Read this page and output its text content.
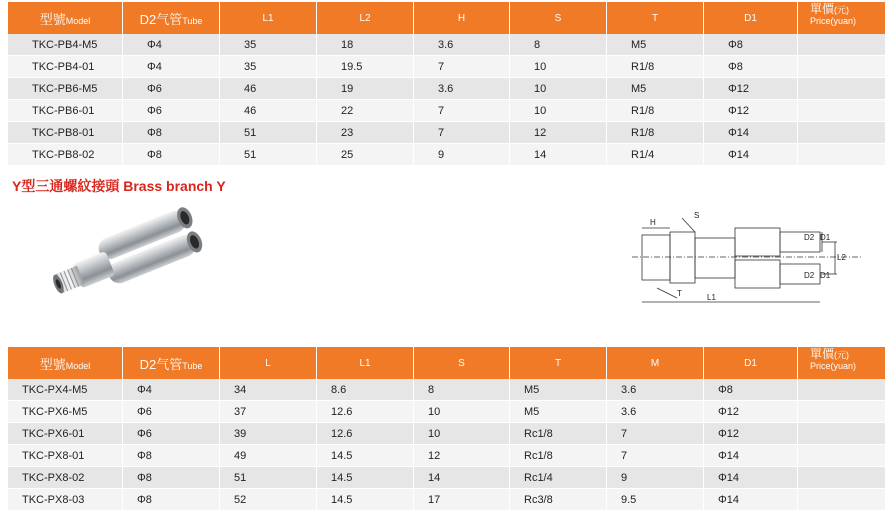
型號Model	D2气管Tube	L1	L2	H	S	T	D1	單價(元)
Price(yuan)
TKC-PB4-M5	Φ4	35	18	3.6	8	M5	Φ8	
TKC-PB4-01	Φ4	35	19.5	7	10	R1/8	Φ8	
TKC-PB6-M5	Φ6	46	19	3.6	10	M5	Φ12	
TKC-PB6-01	Φ6	46	22	7	10	R1/8	Φ12	
TKC-PB8-01	Φ8	51	23	7	12	R1/8	Φ14	
TKC-PB8-02	Φ8	51	25	9	14	R1/4	Φ14	
Y型三通螺紋接頭 Brass branch Y
H
S
T	L1
L2
D2 D1
D2 D1
型號Model	D2气管Tube	L	L1	S	T	M	D1	單價(元)
Price(yuan)
TKC-PX4-M5	Φ4	34	8.6	8	M5	3.6	Φ8	
TKC-PX6-M5	Φ6	37	12.6	10	M5	3.6	Φ12	
TKC-PX6-01	Φ6	39	12.6	10	Rc1/8	7	Φ12	
TKC-PX8-01	Φ8	49	14.5	12	Rc1/8	7	Φ14	
TKC-PX8-02	Φ8	51	14.5	14	Rc1/4	9	Φ14	
TKC-PX8-03	Φ8	52	14.5	17	Rc3/8	9.5	Φ14	
